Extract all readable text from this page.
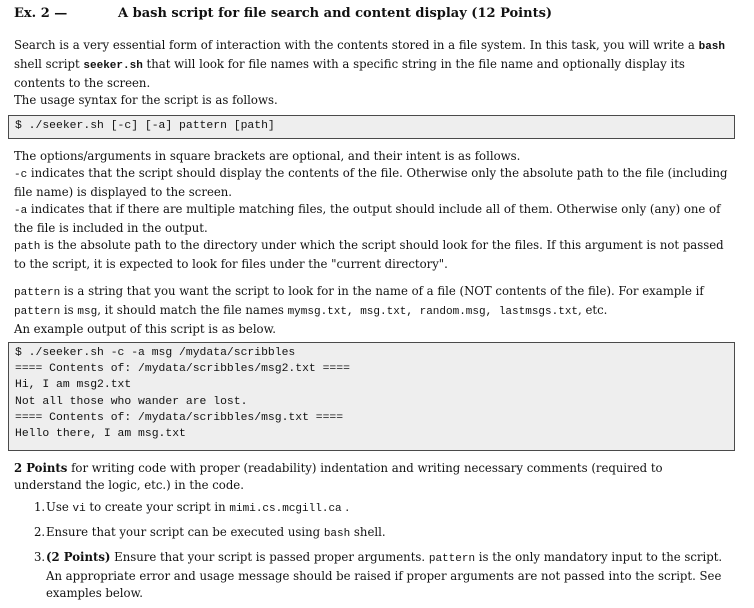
Ex. 2 —	A bash script for file search and content display (12 Points)
Search is a very essential form of interaction with the contents stored in a file system. In this task, you will write a bash shell script seeker.sh that will look for file names with a specific string in the file name and optionally display its contents to the screen.
The usage syntax for the script is as follows.
$ ./seeker.sh [-c] [-a] pattern [path]
The options/arguments in square brackets are optional, and their intent is as follows.
-c indicates that the script should display the contents of the file. Otherwise only the absolute path to the file (including file name) is displayed to the screen.
-a indicates that if there are multiple matching files, the output should include all of them. Otherwise only (any) one of the file is included in the output.
path is the absolute path to the directory under which the script should look for the files. If this argument is not passed to the script, it is expected to look for files under the "current directory".
pattern is a string that you want the script to look for in the name of a file (NOT contents of the file). For example if pattern is msg, it should match the file names mymsg.txt, msg.txt, random.msg, lastmsgs.txt, etc.
An example output of this script is as below.
$ ./seeker.sh -c -a msg /mydata/scribbles
==== Contents of: /mydata/scribbles/msg2.txt ====
Hi, I am msg2.txt
Not all those who wander are lost.
==== Contents of: /mydata/scribbles/msg.txt ====
Hello there, I am msg.txt
2 Points for writing code with proper (readability) indentation and writing necessary comments (required to understand the logic, etc.) in the code.
1. Use vi to create your script in mimi.cs.mcgill.ca .
2. Ensure that your script can be executed using bash shell.
3. (2 Points) Ensure that your script is passed proper arguments. pattern is the only mandatory input to the script. An appropriate error and usage message should be raised if proper arguments are not passed into the script. See examples below.
